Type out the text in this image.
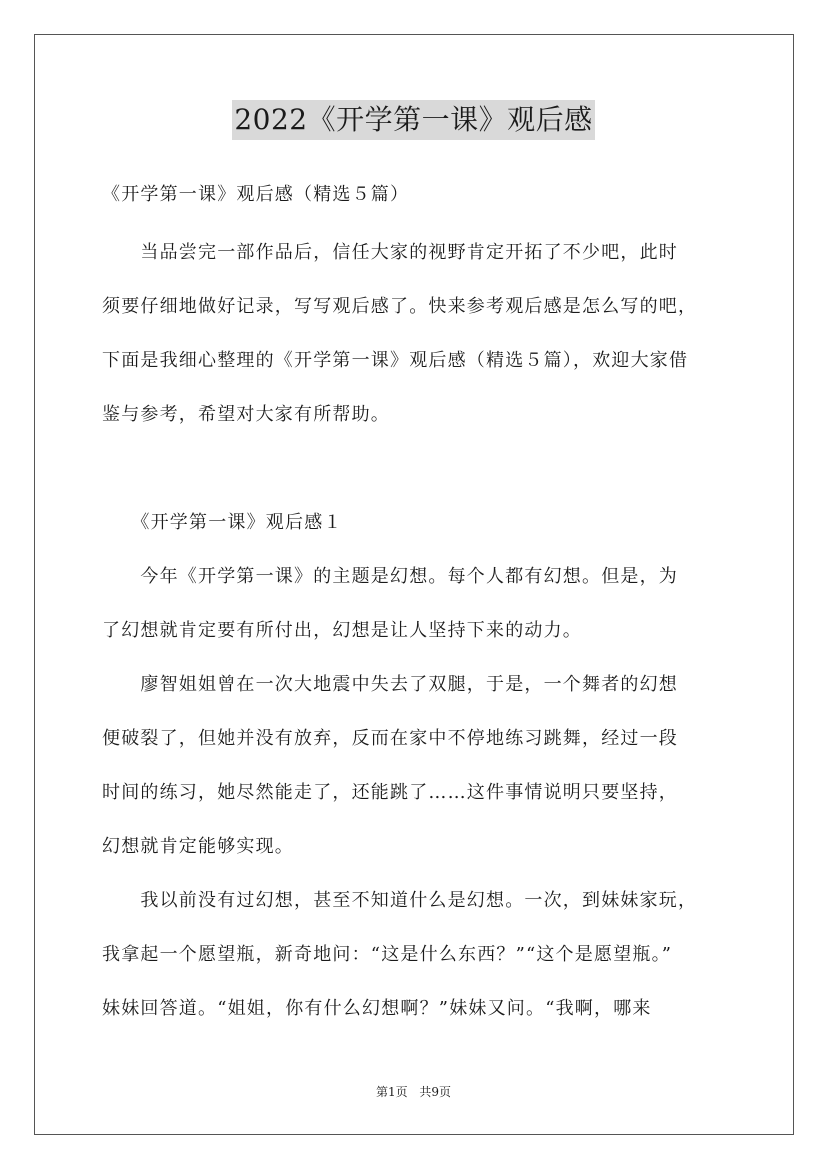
2022《开学第一课》观后感
《开学第一课》观后感（精选５篇）
　　当品尝完一部作品后，信任大家的视野肯定开拓了不少吧，此时
须要仔细地做好记录，写写观后感了。快来参考观后感是怎么写的吧，
下面是我细心整理的《开学第一课》观后感（精选５篇），欢迎大家借
鉴与参考，希望对大家有所帮助。
　　《开学第一课》观后感１
　　今年《开学第一课》的主题是幻想。每个人都有幻想。但是，为
了幻想就肯定要有所付出，幻想是让人坚持下来的动力。
　　廖智姐姐曾在一次大地震中失去了双腿，于是，一个舞者的幻想
便破裂了，但她并没有放弃，反而在家中不停地练习跳舞，经过一段
时间的练习，她尽然能走了，还能跳了……这件事情说明只要坚持，
幻想就肯定能够实现。
　　我以前没有过幻想，甚至不知道什么是幻想。一次，到妹妹家玩，
我拿起一个愿望瓶，新奇地问：“这是什么东西？”“这个是愿望瓶。”
妹妹回答道。“姐姐，你有什么幻想啊？”妹妹又问。“我啊，哪来
第1页 共9页
